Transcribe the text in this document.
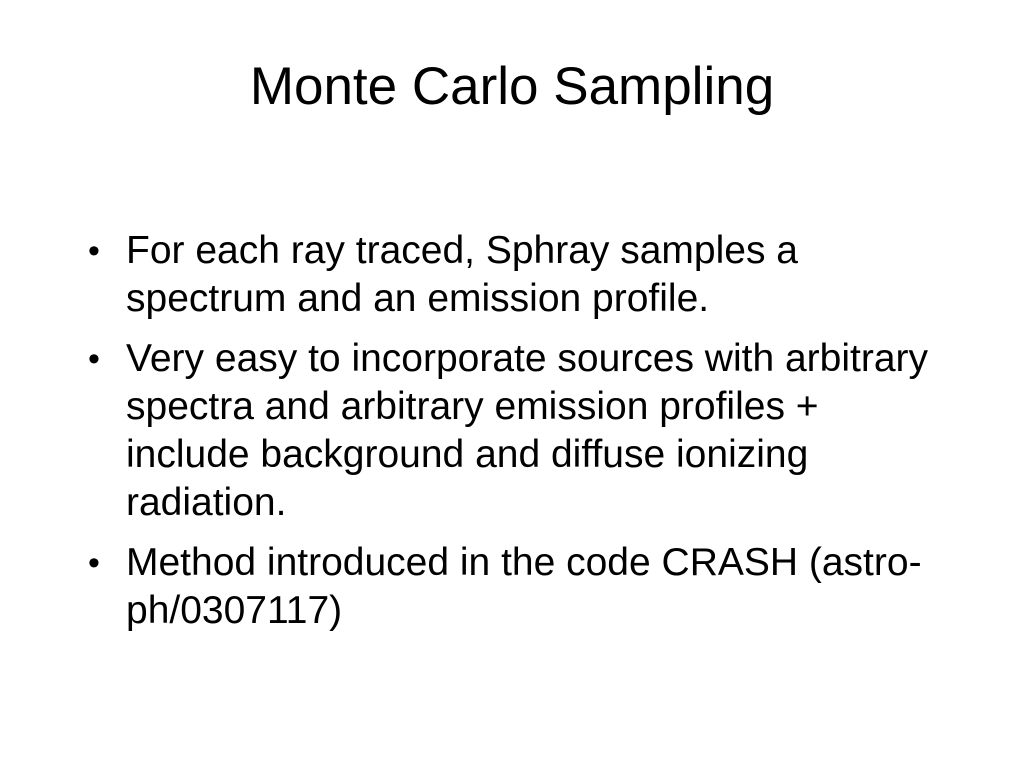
Monte Carlo Sampling
• For each ray traced, Sphray samples a spectrum and an emission profile.
• Very easy to incorporate sources with arbitrary spectra and arbitrary emission profiles + include background and diffuse ionizing radiation.
• Method introduced in the code CRASH (astro-ph/0307117)
